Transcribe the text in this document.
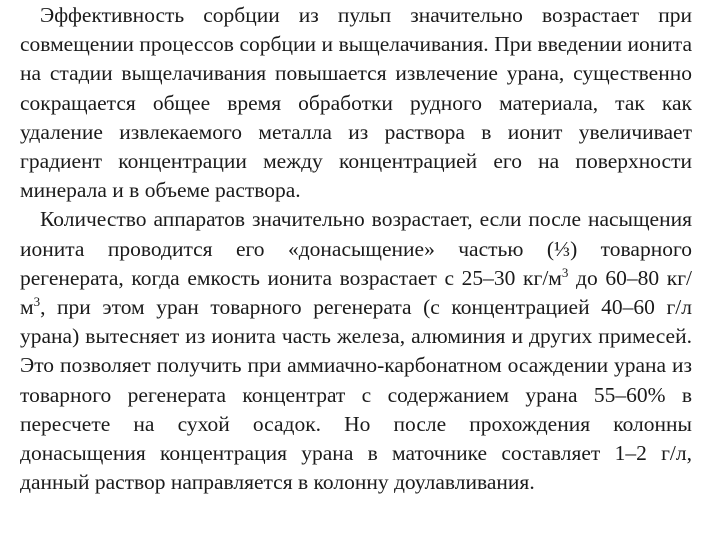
Эффективность сорбции из пульп значительно возрастает при совмещении процессов сорбции и выщелачивания. При введении ионита на стадии выщелачивания повышается извлечение урана, существенно сокращается общее время обработки рудного материала, так как удаление извлекаемого металла из раствора в ионит увеличивает градиент концентрации между концентрацией его на поверхности минерала и в объеме раствора.

Количество аппаратов значительно возрастает, если после насыщения ионита проводится его «донасыщение» частью (⅓) товарного регенерата, когда емкость ионита возрастает с 25–30 $кг/м^3$ до 60–80 $кг/м^3$, при этом уран товарного регенерата (с концентрацией 40–60 г/л урана) вытесняет из ионита часть железа, алюминия и других примесей. Это позволяет получить при аммиачно-карбонатном осаждении урана из товарного регенерата концентрат с содержанием урана 55–60% в пересчете на сухой осадок. Но после прохождения колонны донасыщения концентрация урана в маточнике составляет 1–2 г/л, данный раствор направляется в колонну доулавливания.
